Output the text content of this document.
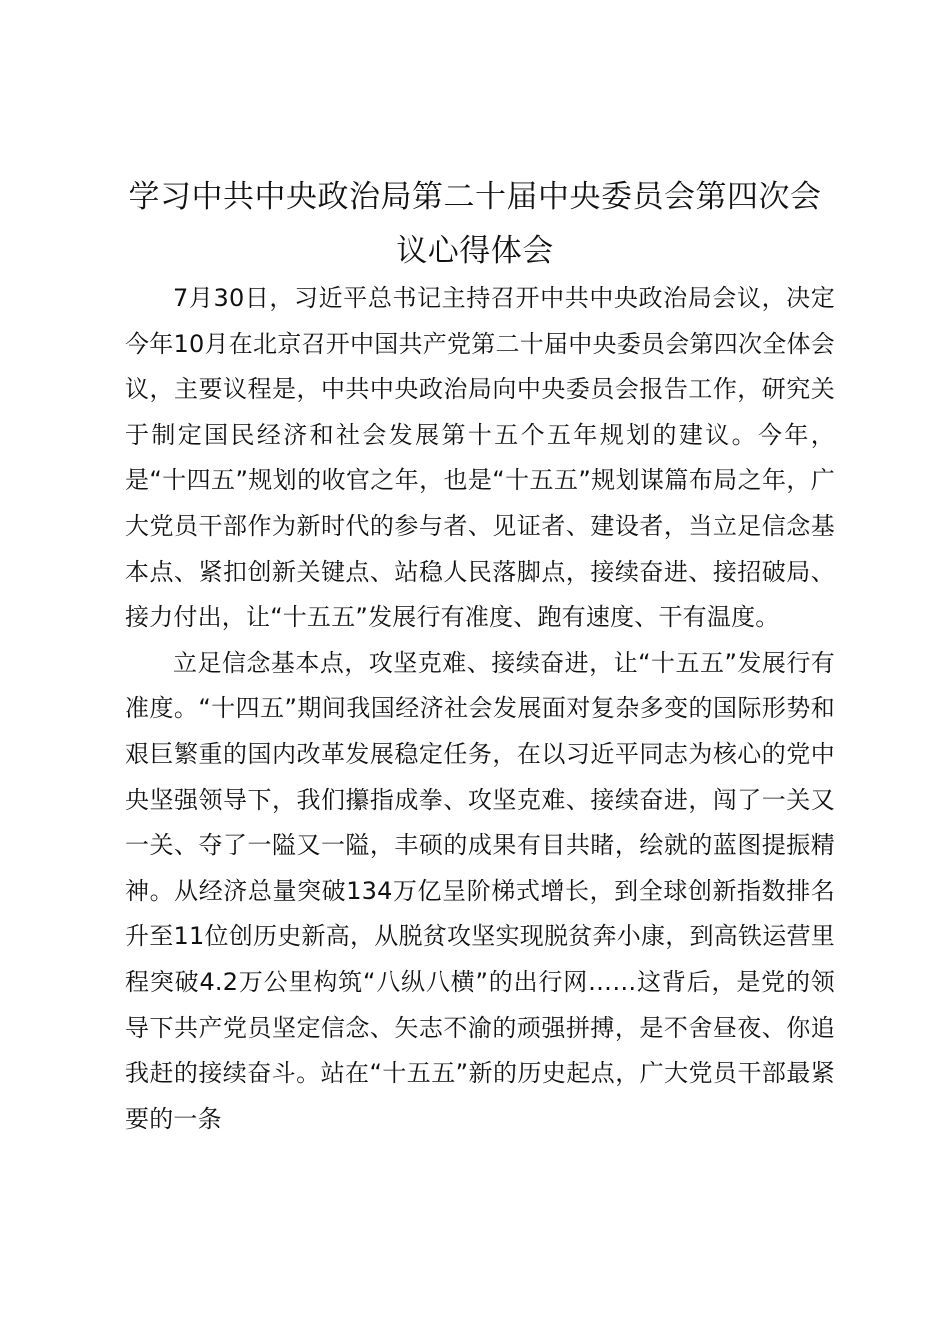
学习中共中央政治局第二十届中央委员会第四次会议心得体会

7月30日，习近平总书记主持召开中共中央政治局会议，决定今年10月在北京召开中国共产党第二十届中央委员会第四次全体会议，主要议程是，中共中央政治局向中央委员会报告工作，研究关于制定国民经济和社会发展第十五个五年规划的建议。今年，是“十四五”规划的收官之年，也是“十五五”规划谋篇布局之年，广大党员干部作为新时代的参与者、见证者、建设者，当立足信念基本点、紧扣创新关键点、站稳人民落脚点，接续奋进、接招破局、接力付出，让“十五五”发展行有准度、跑有速度、干有温度。

立足信念基本点，攻坚克难、接续奋进，让“十五五”发展行有准度。“十四五”期间我国经济社会发展面对复杂多变的国际形势和艰巨繁重的国内改革发展稳定任务，在以习近平同志为核心的党中央坚强领导下，我们攥指成拳、攻坚克难、接续奋进，闯了一关又一关、夺了一隘又一隘，丰硕的成果有目共睹，绘就的蓝图提振精神。从经济总量突破134万亿呈阶梯式增长，到全球创新指数排名升至11位创历史新高，从脱贫攻坚实现脱贫奔小康，到高铁运营里程突破4.2万公里构筑“八纵八横”的出行网……这背后，是党的领导下共产党员坚定信念、矢志不渝的顽强拼搏，是不舍昼夜、你追我赶的接续奋斗。站在“十五五”新的历史起点，广大党员干部最紧要的一条
